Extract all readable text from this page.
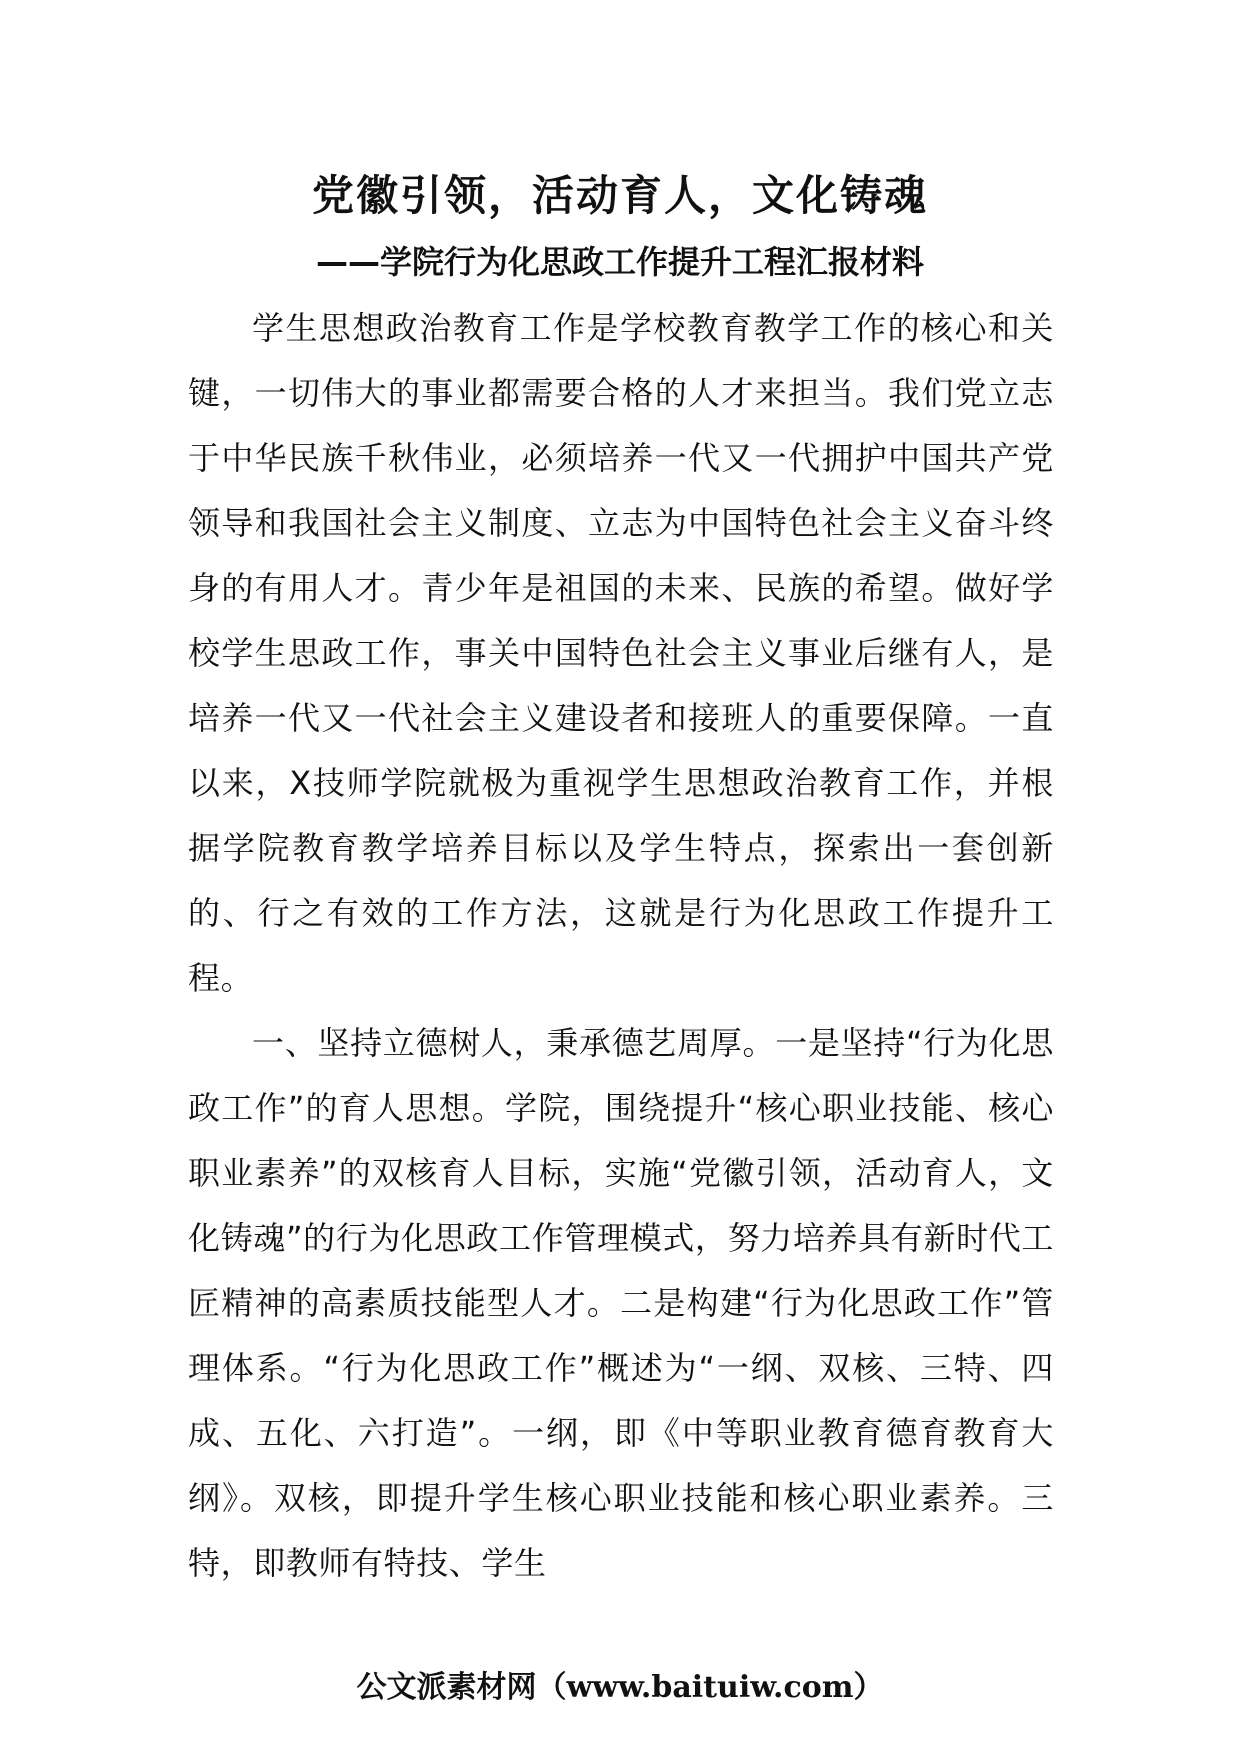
党徽引领，活动育人，文化铸魂
——学院行为化思政工作提升工程汇报材料

学生思想政治教育工作是学校教育教学工作的核心和关键，一切伟大的事业都需要合格的人才来担当。我们党立志于中华民族千秋伟业，必须培养一代又一代拥护中国共产党领导和我国社会主义制度、立志为中国特色社会主义奋斗终身的有用人才。青少年是祖国的未来、民族的希望。做好学校学生思政工作，事关中国特色社会主义事业后继有人，是培养一代又一代社会主义建设者和接班人的重要保障。一直以来，X技师学院就极为重视学生思想政治教育工作，并根据学院教育教学培养目标以及学生特点，探索出一套创新的、行之有效的工作方法，这就是行为化思政工作提升工程。

一、坚持立德树人，秉承德艺周厚。一是坚持“行为化思政工作”的育人思想。学院，围绕提升“核心职业技能、核心职业素养”的双核育人目标，实施“党徽引领，活动育人，文化铸魂”的行为化思政工作管理模式，努力培养具有新时代工匠精神的高素质技能型人才。二是构建“行为化思政工作”管理体系。“行为化思政工作”概述为“一纲、双核、三特、四成、五化、六打造”。一纲，即《中等职业教育德育教育大纲》。双核，即提升学生核心职业技能和核心职业素养。三特，即教师有特技、学生

公文派素材网（www.baituiw.com）
